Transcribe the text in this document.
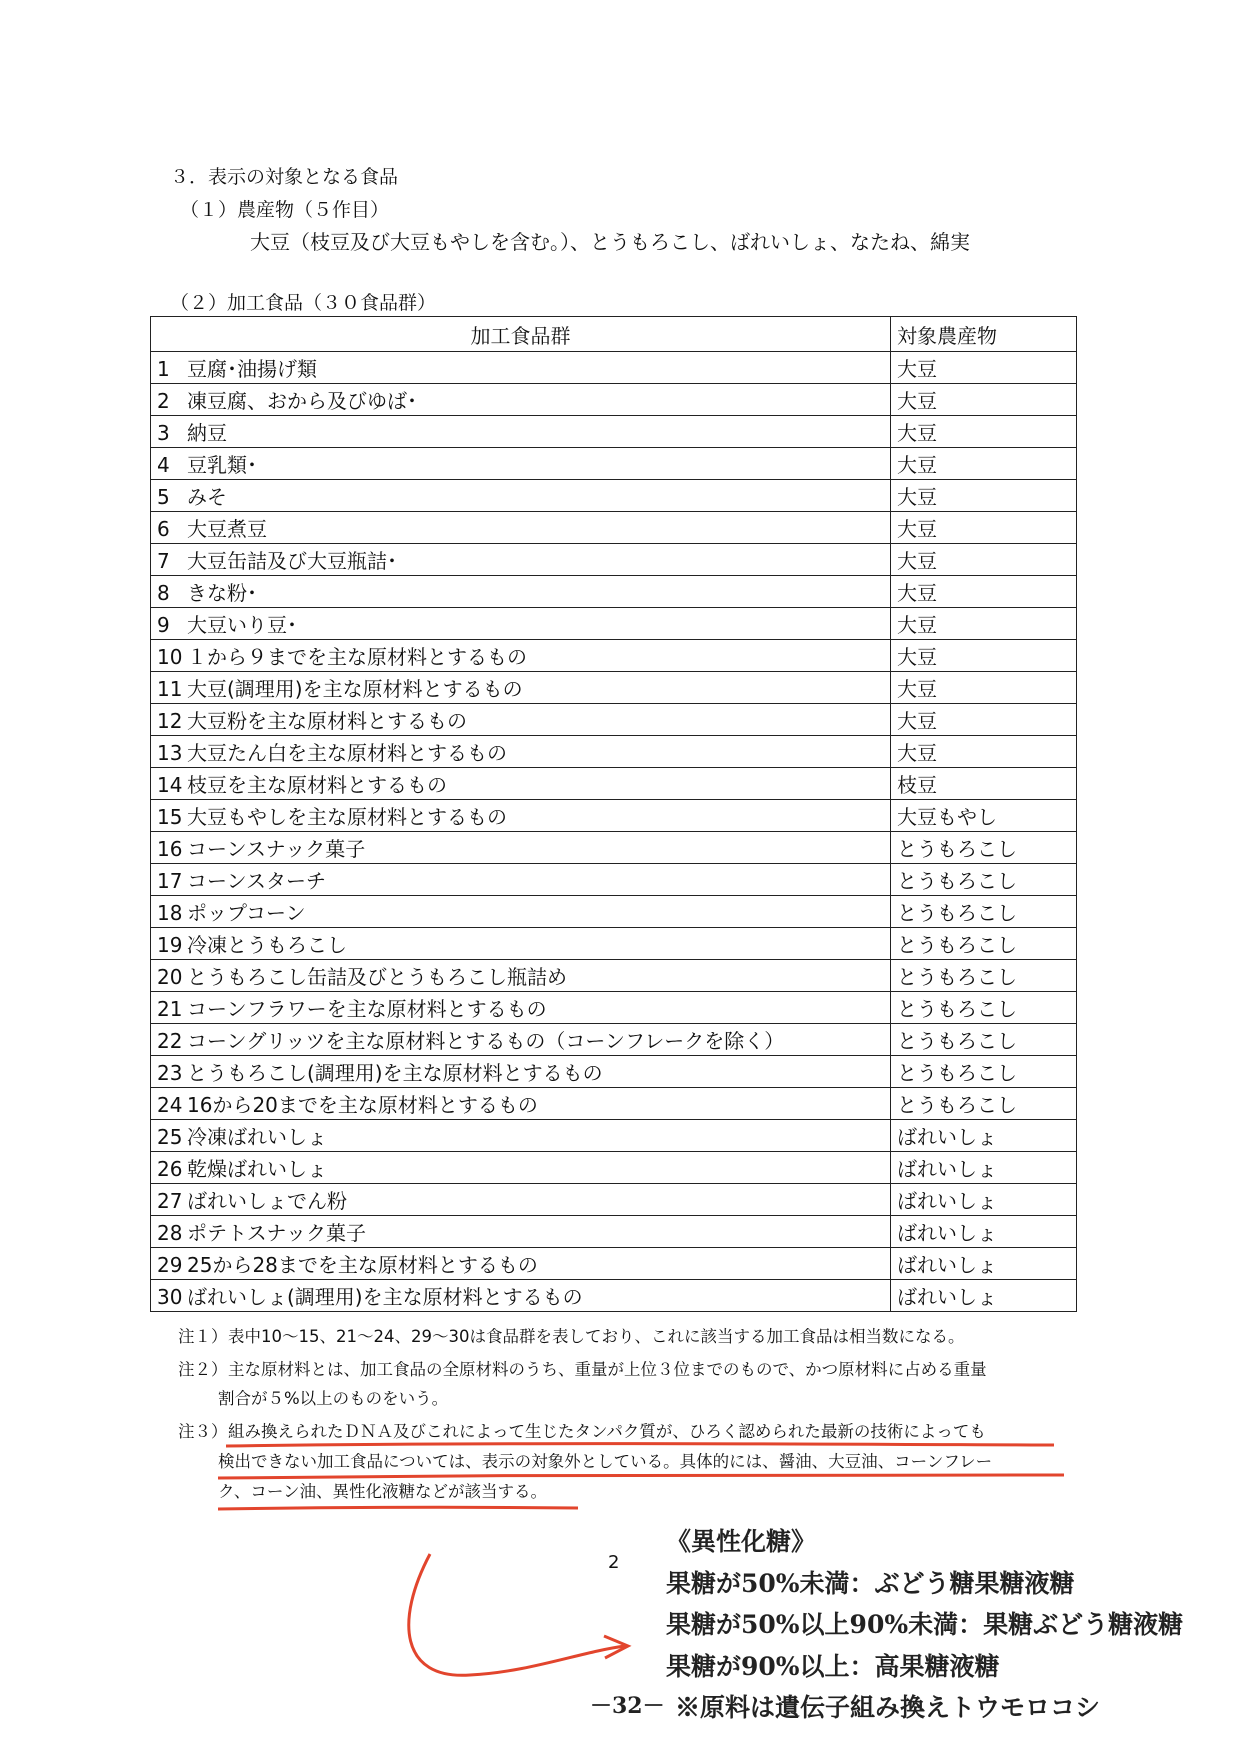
３．表示の対象となる食品
（１）農産物（５作目）
大豆（枝豆及び大豆もやしを含む。）、とうもろこし、ばれいしょ、なたね、綿実
（２）加工食品（３０食品群）
加工食品群	対象農産物
1 豆腐･油揚げ類	大豆
2 凍豆腐、おから及びゆば･	大豆
3 納豆	大豆
4 豆乳類･	大豆
5 みそ	大豆
6 大豆煮豆	大豆
7 大豆缶詰及び大豆瓶詰･	大豆
8 きな粉･	大豆
9 大豆いり豆･	大豆
10 １から９までを主な原材料とするもの	大豆
11 大豆(調理用)を主な原材料とするもの	大豆
12 大豆粉を主な原材料とするもの	大豆
13 大豆たん白を主な原材料とするもの	大豆
14 枝豆を主な原材料とするもの	枝豆
15 大豆もやしを主な原材料とするもの	大豆もやし
16 コーンスナック菓子	とうもろこし
17 コーンスターチ	とうもろこし
18 ポップコーン	とうもろこし
19 冷凍とうもろこし	とうもろこし
20 とうもろこし缶詰及びとうもろこし瓶詰め	とうもろこし
21 コーンフラワーを主な原材料とするもの	とうもろこし
22 コーングリッツを主な原材料とするもの（コーンフレークを除く）	とうもろこし
23 とうもろこし(調理用)を主な原材料とするもの	とうもろこし
24 16から20までを主な原材料とするもの	とうもろこし
25 冷凍ばれいしょ	ばれいしょ
26 乾燥ばれいしょ	ばれいしょ
27 ばれいしょでん粉	ばれいしょ
28 ポテトスナック菓子	ばれいしょ
29 25から28までを主な原材料とするもの	ばれいしょ
30 ばれいしょ(調理用)を主な原材料とするもの	ばれいしょ
注１）表中10～15、21～24、29～30は食品群を表しており、これに該当する加工食品は相当数になる。
注２）主な原材料とは、加工食品の全原材料のうち、重量が上位３位までのもので、かつ原材料に占める重量
割合が５%以上のものをいう。
注３）組み換えられたＤＮＡ及びこれによって生じたタンパク質が、ひろく認められた最新の技術によっても
検出できない加工食品については、表示の対象外としている。具体的には、醤油、大豆油、コーンフレー
ク、コーン油、異性化液糖などが該当する。
2
《異性化糖》
果糖が50%未満：ぶどう糖果糖液糖
果糖が50%以上90%未満：果糖ぶどう糖液糖
果糖が90%以上：高果糖液糖
－32－ ※原料は遺伝子組み換えトウモロコシ
